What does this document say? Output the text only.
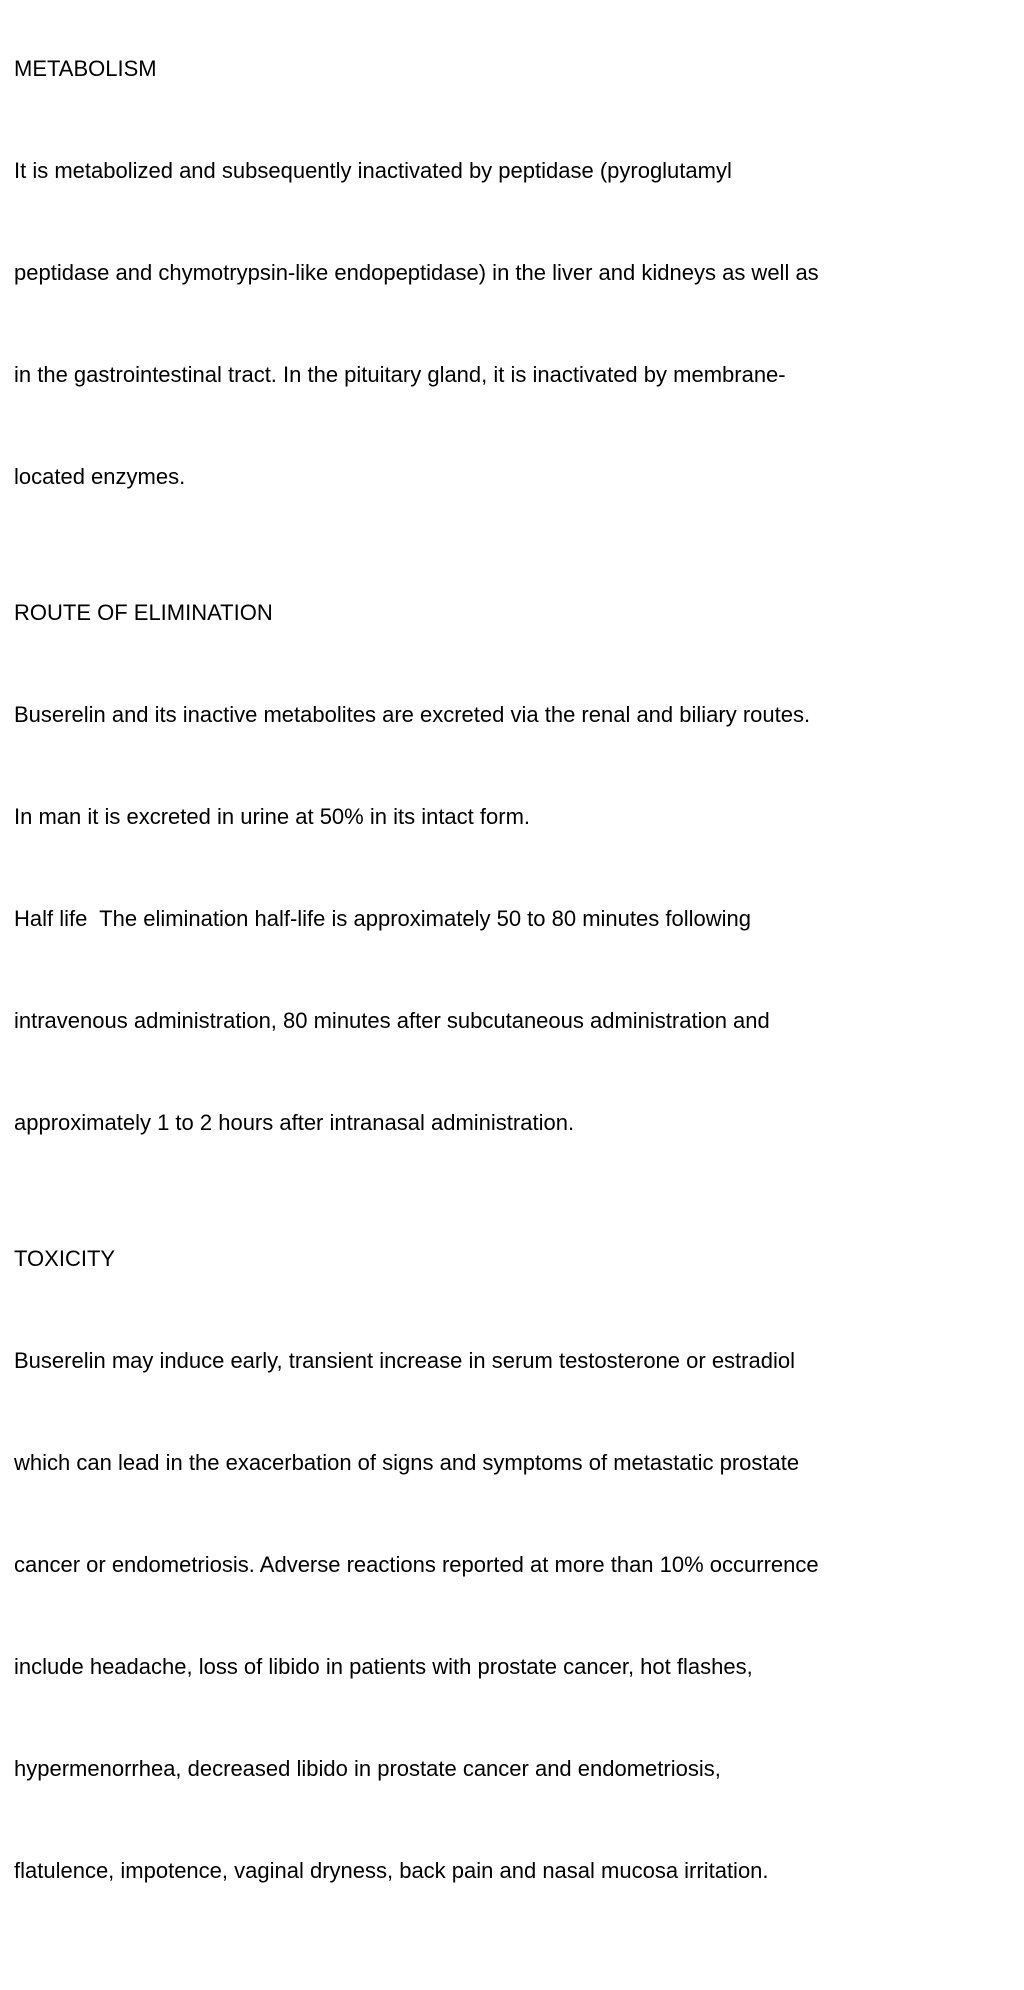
METABOLISM

It is metabolized and subsequently inactivated by peptidase (pyroglutamyl

peptidase and chymotrypsin-like endopeptidase) in the liver and kidneys as well as

in the gastrointestinal tract. In the pituitary gland, it is inactivated by membrane-

located enzymes.

ROUTE OF ELIMINATION

Buserelin and its inactive metabolites are excreted via the renal and biliary routes.

In man it is excreted in urine at 50% in its intact form.

Half life  The elimination half-life is approximately 50 to 80 minutes following

intravenous administration, 80 minutes after subcutaneous administration and

approximately 1 to 2 hours after intranasal administration.

TOXICITY

Buserelin may induce early, transient increase in serum testosterone or estradiol

which can lead in the exacerbation of signs and symptoms of metastatic prostate

cancer or endometriosis. Adverse reactions reported at more than 10% occurrence

include headache, loss of libido in patients with prostate cancer, hot flashes,

hypermenorrhea, decreased libido in prostate cancer and endometriosis,

flatulence, impotence, vaginal dryness, back pain and nasal mucosa irritation.
